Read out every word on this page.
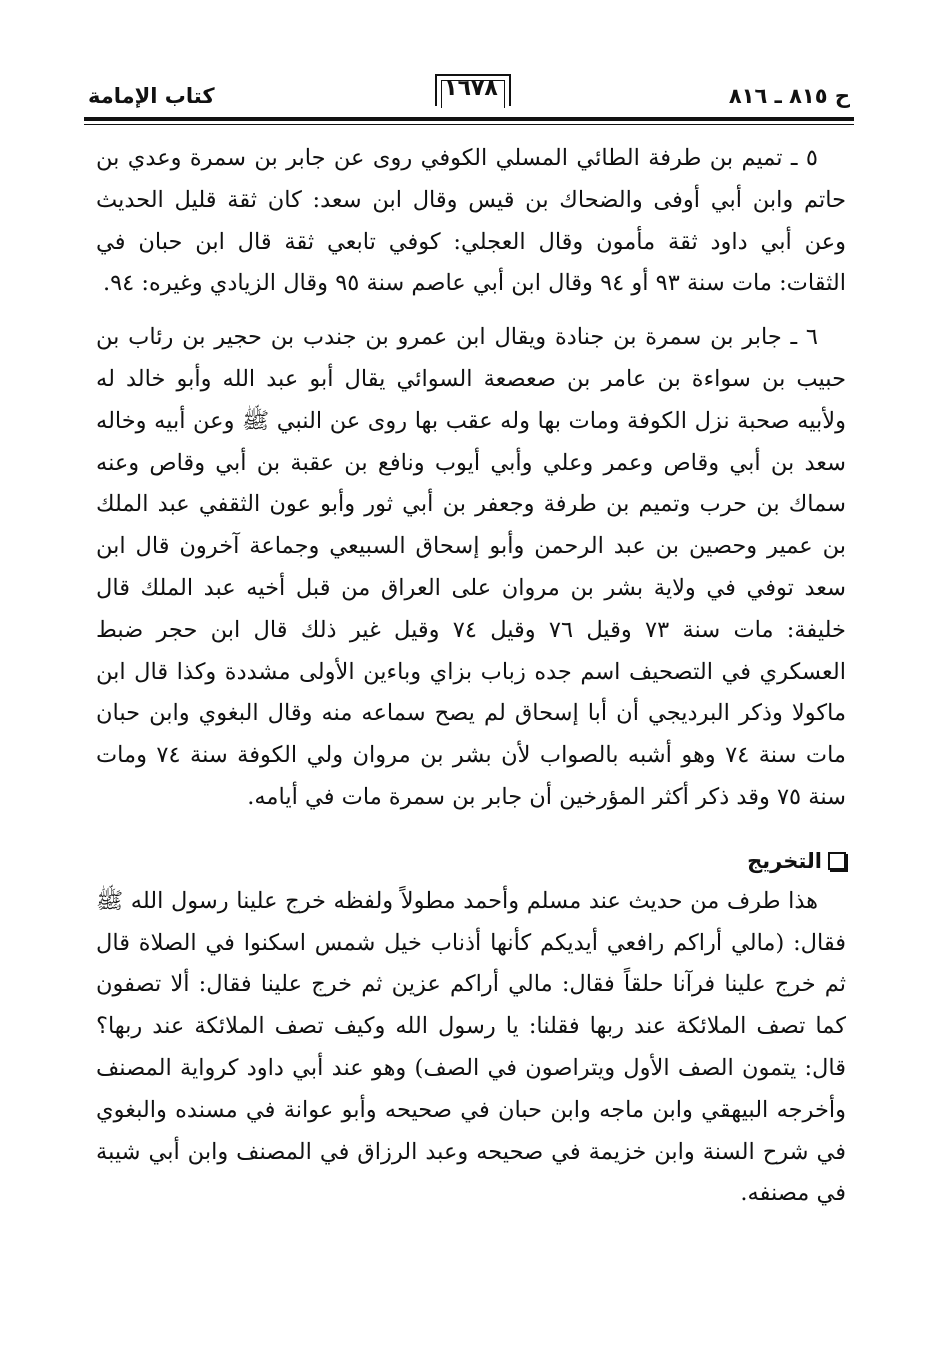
كتاب الإمامة	١٦٧٨	ح ٨١٥ ـ ٨١٦

٥ ـ تميم بن طرفة الطائي المسلي الكوفي روى عن جابر بن سمرة وعدي بن حاتم وابن أبي أوفى والضحاك بن قيس وقال ابن سعد: كان ثقة قليل الحديث وعن أبي داود ثقة مأمون وقال العجلي: كوفي تابعي ثقة قال ابن حبان في الثقات: مات سنة ٩٣ أو ٩٤ وقال ابن أبي عاصم سنة ٩٥ وقال الزيادي وغيره: ٩٤.

٦ ـ جابر بن سمرة بن جنادة ويقال ابن عمرو بن جندب بن حجير بن رئاب بن حبيب بن سواءة بن عامر بن صعصعة السوائي يقال أبو عبد الله وأبو خالد له ولأبيه صحبة نزل الكوفة ومات بها وله عقب بها روى عن النبي ﷺ وعن أبيه وخاله سعد بن أبي وقاص وعمر وعلي وأبي أيوب ونافع بن عقبة بن أبي وقاص وعنه سماك بن حرب وتميم بن طرفة وجعفر بن أبي ثور وأبو عون الثقفي عبد الملك بن عمير وحصين بن عبد الرحمن وأبو إسحاق السبيعي وجماعة آخرون قال ابن سعد توفي في ولاية بشر بن مروان على العراق من قبل أخيه عبد الملك قال خليفة: مات سنة ٧٣ وقيل ٧٦ وقيل ٧٤ وقيل غير ذلك قال ابن حجر ضبط العسكري في التصحيف اسم جده زباب بزاي وباءين الأولى مشددة وكذا قال ابن ماكولا وذكر البرديجي أن أبا إسحاق لم يصح سماعه منه وقال البغوي وابن حبان مات سنة ٧٤ وهو أشبه بالصواب لأن بشر بن مروان ولي الكوفة سنة ٧٤ ومات سنة ٧٥ وقد ذكر أكثر المؤرخين أن جابر بن سمرة مات في أيامه.

التخريج

هذا طرف من حديث عند مسلم وأحمد مطولاً ولفظه خرج علينا رسول الله ﷺ فقال: (مالي أراكم رافعي أيديكم كأنها أذناب خيل شمس اسكنوا في الصلاة قال ثم خرج علينا فرآنا حلقاً فقال: مالي أراكم عزين ثم خرج علينا فقال: ألا تصفون كما تصف الملائكة عند ربها فقلنا: يا رسول الله وكيف تصف الملائكة عند ربها؟ قال: يتمون الصف الأول ويتراصون في الصف) وهو عند أبي داود كرواية المصنف وأخرجه البيهقي وابن ماجه وابن حبان في صحيحه وأبو عوانة في مسنده والبغوي في شرح السنة وابن خزيمة في صحيحه وعبد الرزاق في المصنف وابن أبي شيبة في مصنفه.
